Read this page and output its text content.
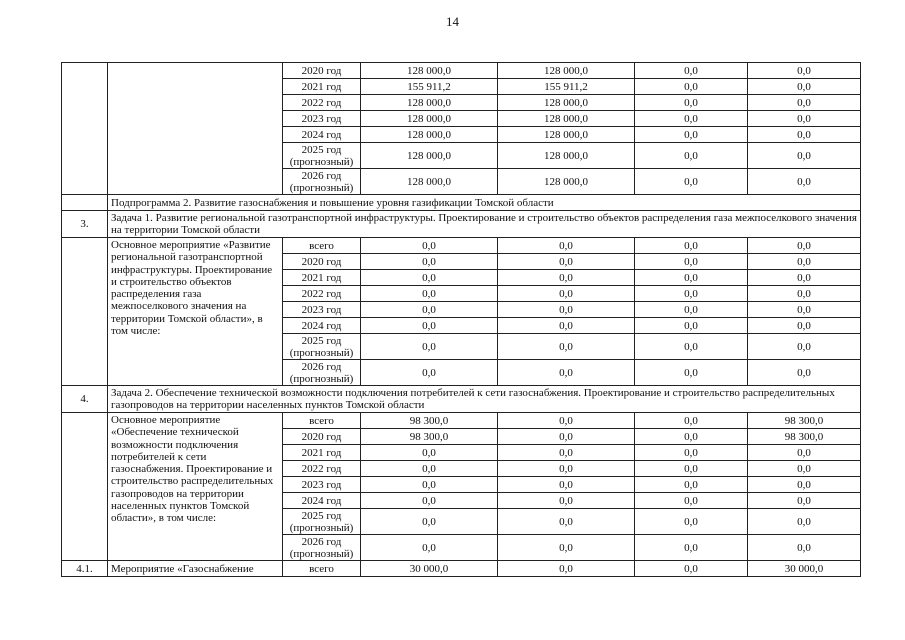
14
		2020 год	128 000,0	128 000,0	0,0	0,0
		2021 год	155 911,2	155 911,2	0,0	0,0
		2022 год	128 000,0	128 000,0	0,0	0,0
		2023 год	128 000,0	128 000,0	0,0	0,0
		2024 год	128 000,0	128 000,0	0,0	0,0
		2025 год (прогнозный)	128 000,0	128 000,0	0,0	0,0
		2026 год (прогнозный)	128 000,0	128 000,0	0,0	0,0
	Подпрограмма 2. Развитие газоснабжения и повышение уровня газификации Томской области					
3.	Задача 1. Развитие региональной газотранспортной инфраструктуры. Проектирование и строительство объектов распределения газа межпоселкового значения на территории Томской области					
	Основное мероприятие «Развитие региональной газотранспортной инфраструктуры. Проектирование и строительство объектов распределения газа межпоселкового значения на территории Томской области», в том числе:	всего	0,0	0,0	0,0	0,0
		2020 год	0,0	0,0	0,0	0,0
		2021 год	0,0	0,0	0,0	0,0
		2022 год	0,0	0,0	0,0	0,0
		2023 год	0,0	0,0	0,0	0,0
		2024 год	0,0	0,0	0,0	0,0
		2025 год (прогнозный)	0,0	0,0	0,0	0,0
		2026 год (прогнозный)	0,0	0,0	0,0	0,0
4.	Задача 2. Обеспечение технической возможности подключения потребителей к сети газоснабжения. Проектирование и строительство распределительных газопроводов на территории населенных пунктов Томской области					
	Основное мероприятие «Обеспечение технической возможности подключения потребителей к сети газоснабжения. Проектирование и строительство распределительных газопроводов на территории населенных пунктов Томской области», в том числе:	всего	98 300,0	0,0	0,0	98 300,0
		2020 год	98 300,0	0,0	0,0	98 300,0
		2021 год	0,0	0,0	0,0	0,0
		2022 год	0,0	0,0	0,0	0,0
		2023 год	0,0	0,0	0,0	0,0
		2024 год	0,0	0,0	0,0	0,0
		2025 год (прогнозный)	0,0	0,0	0,0	0,0
		2026 год (прогнозный)	0,0	0,0	0,0	0,0
4.1.	Мероприятие «Газоснабжение	всего	30 000,0	0,0	0,0	30 000,0
